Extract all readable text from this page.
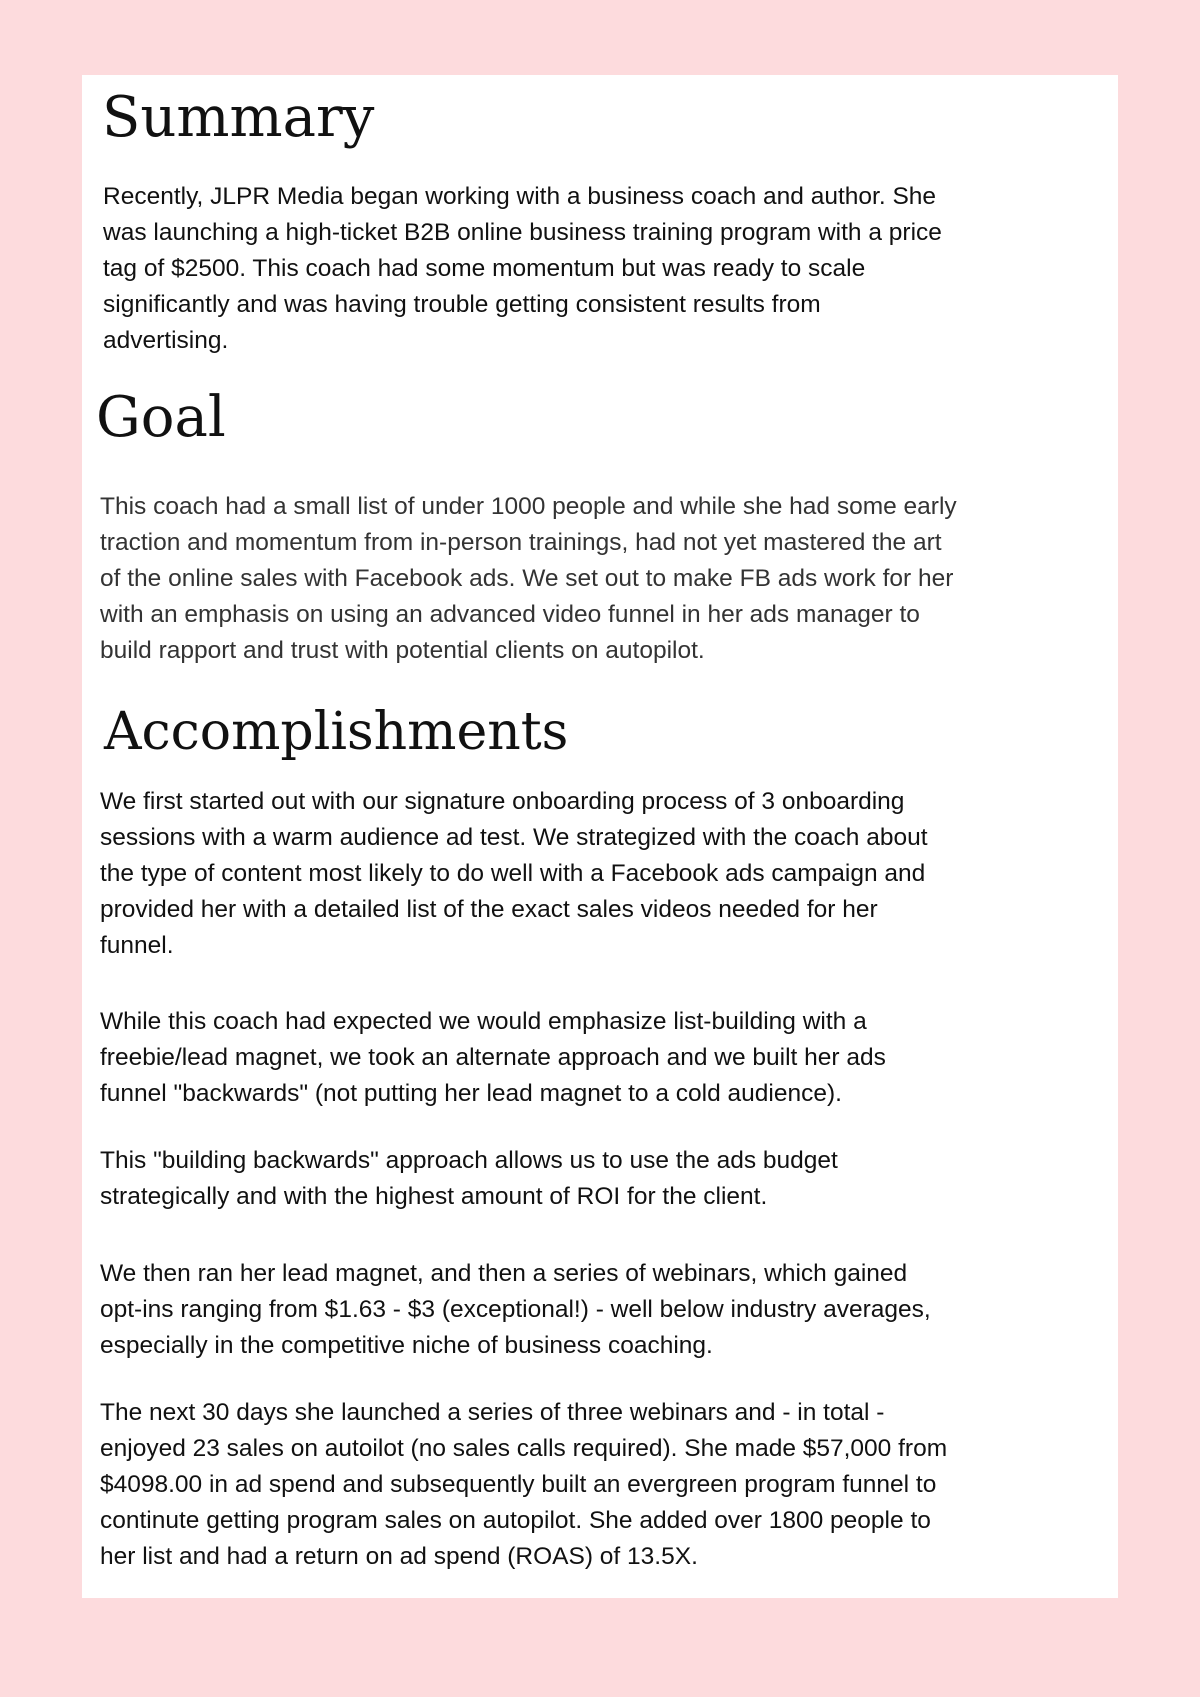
Summary

Recently, JLPR Media began working with a business coach and author. She
was launching a high-ticket B2B online business training program with a price
tag of $2500. This coach had some momentum but was ready to scale
significantly and was having trouble getting consistent results from
advertising.

Goal

This coach had a small list of under 1000 people and while she had some early
traction and momentum from in-person trainings, had not yet mastered the art
of the online sales with Facebook ads. We set out to make FB ads work for her
with an emphasis on using an advanced video funnel in her ads manager to
build rapport and trust with potential clients on autopilot.

Accomplishments

We first started out with our signature onboarding process of 3 onboarding
sessions with a warm audience ad test. We strategized with the coach about
the type of content most likely to do well with a Facebook ads campaign and
provided her with a detailed list of the exact sales videos needed for her
funnel.

While this coach had expected we would emphasize list-building with a
freebie/lead magnet, we took an alternate approach and we built her ads
funnel "backwards" (not putting her lead magnet to a cold audience).

This "building backwards" approach allows us to use the ads budget
strategically and with the highest amount of ROI for the client.

We then ran her lead magnet, and then a series of webinars, which gained
opt-ins ranging from $1.63 - $3 (exceptional!) - well below industry averages,
especially in the competitive niche of business coaching.

The next 30 days she launched a series of three webinars and - in total -
enjoyed 23 sales on autoilot (no sales calls required). She made $57,000 from
$4098.00 in ad spend and subsequently built an evergreen program funnel to
continute getting program sales on autopilot. She added over 1800 people to
her list and had a return on ad spend (ROAS) of 13.5X.
